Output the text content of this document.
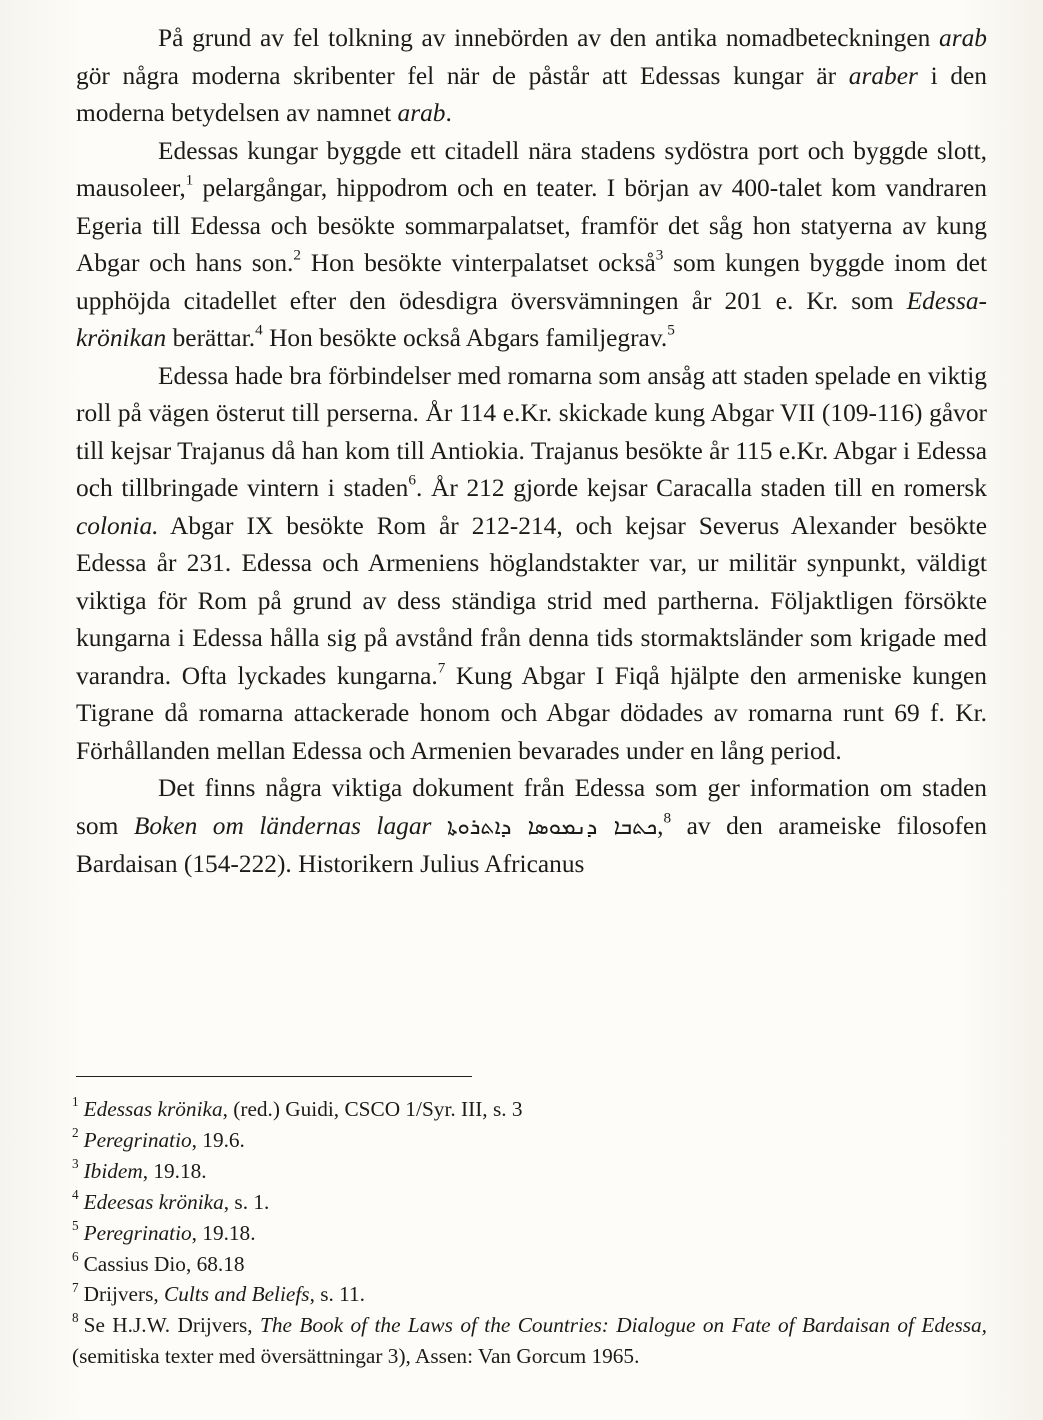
På grund av fel tolkning av innebörden av den antika nomadbeteckningen arab gör några moderna skribenter fel när de påstår att Edessas kungar är araber i den moderna betydelsen av namnet arab.

Edessas kungar byggde ett citadell nära stadens sydöstra port och byggde slott, mausoleer,$^1$ pelargångar, hippodrom och en teater. I början av 400-talet kom vandraren Egeria till Edessa och besökte sommarpalatset, framför det såg hon statyerna av kung Abgar och hans son.$^2$ Hon besökte vinterpalatset också$^3$ som kungen byggde inom det upphöjda citadellet efter den ödesdigra översvämningen år 201 e. Kr. som Edessa-krönikan berättar.$^4$ Hon besökte också Abgars familjegrav.$^5$

Edessa hade bra förbindelser med romarna som ansåg att staden spelade en viktig roll på vägen österut till perserna. År 114 e.Kr. skickade kung Abgar VII (109-116) gåvor till kejsar Trajanus då han kom till Antiokia. Trajanus besökte år 115 e.Kr. Abgar i Edessa och tillbringade vintern i staden$^6$. År 212 gjorde kejsar Caracalla staden till en romersk colonia. Abgar IX besökte Rom år 212-214, och kejsar Severus Alexander besökte Edessa år 231. Edessa och Armeniens höglandstakter var, ur militär synpunkt, väldigt viktiga för Rom på grund av dess ständiga strid med partherna. Följaktligen försökte kungarna i Edessa hålla sig på avstånd från denna tids stormaktsländer som krigade med varandra. Ofta lyckades kungarna.$^7$ Kung Abgar I Fiqå hjälpte den armeniske kungen Tigrane då romarna attackerade honom och Abgar dödades av romarna runt 69 f. Kr. Förhållanden mellan Edessa och Armenien bevarades under en lång period.

Det finns några viktiga dokument från Edessa som ger information om staden som Boken om ländernas lagar ܟܬܒܐ ܕܢܡܘܣܐ ܕܐܬܪܘܬܐ,$^8$ av den arameiske filosofen Bardaisan (154-222). Historikern Julius Africanus

$^1$ Edessas krönika, (red.) Guidi, CSCO 1/Syr. III, s. 3

$^2$ Peregrinatio, 19.6.

$^3$ Ibidem, 19.18.

$^4$ Edeesas krönika, s. 1.

$^5$ Peregrinatio, 19.18.

$^6$ Cassius Dio, 68.18

$^7$ Drijvers, Cults and Beliefs, s. 11.

$^8$ Se H.J.W. Drijvers, The Book of the Laws of the Countries: Dialogue on Fate of Bardaisan of Edessa, (semitiska texter med översättningar 3), Assen: Van Gorcum 1965.
